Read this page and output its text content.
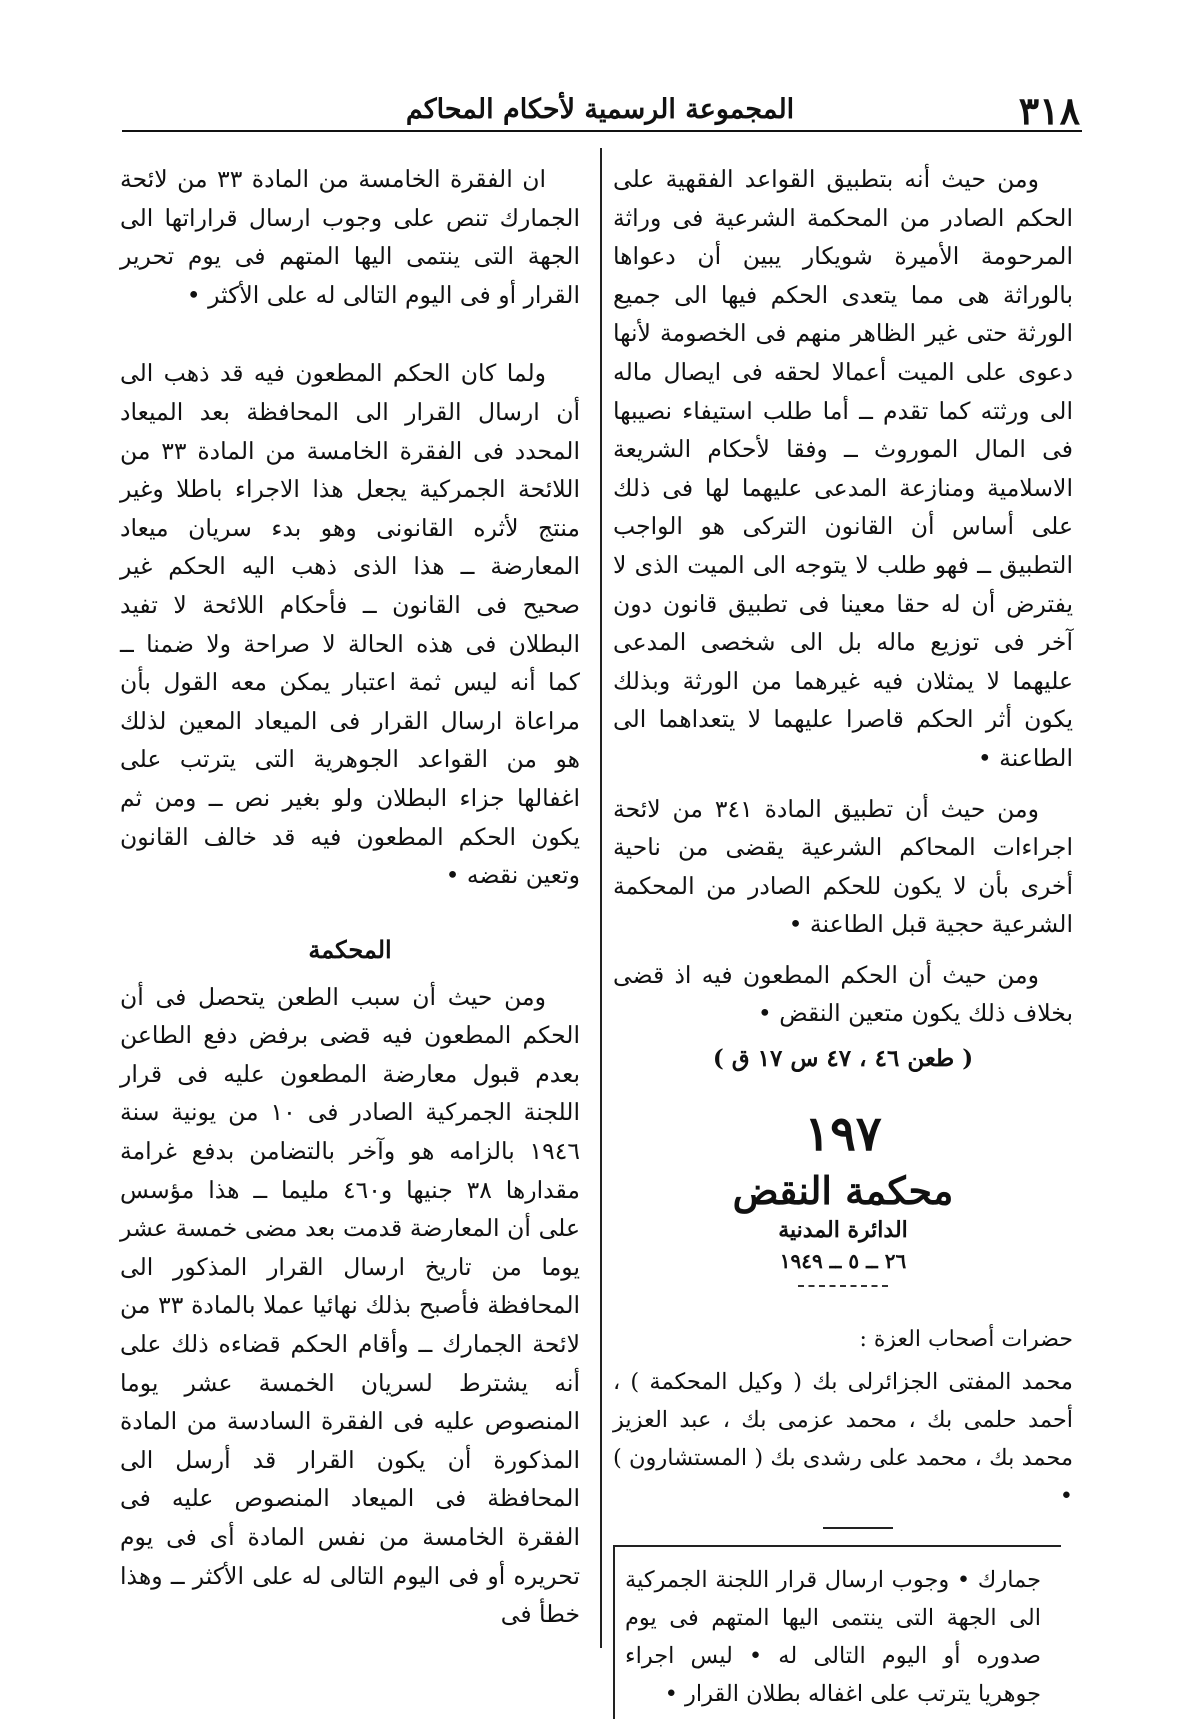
٣١٨
المجموعة الرسمية لأحكام المحاكم

ومن حيث أنه بتطبيق القواعد الفقهية على الحكم الصادر من المحكمة الشرعية فى وراثة المرحومة الأميرة شويكار يبين أن دعواها بالوراثة هى مما يتعدى الحكم فيها الى جميع الورثة حتى غير الظاهر منهم فى الخصومة لأنها دعوى على الميت أعمالا لحقه فى ايصال ماله الى ورثته كما تقدم ــ أما طلب استيفاء نصيبها فى المال الموروث ــ وفقا لأحكام الشريعة الاسلامية ومنازعة المدعى عليهما لها فى ذلك على أساس أن القانون التركى هو الواجب التطبيق ــ فهو طلب لا يتوجه الى الميت الذى لا يفترض أن له حقا معينا فى تطبيق قانون دون آخر فى توزيع ماله بل الى شخصى المدعى عليهما لا يمثلان فيه غيرهما من الورثة وبذلك يكون أثر الحكم قاصرا عليهما لا يتعداهما الى الطاعنة •

ومن حيث أن تطبيق المادة ٣٤١ من لائحة اجراءات المحاكم الشرعية يقضى من ناحية أخرى بأن لا يكون للحكم الصادر من المحكمة الشرعية حجية قبل الطاعنة •

ومن حيث أن الحكم المطعون فيه اذ قضى بخلاف ذلك يكون متعين النقض •

( طعن ٤٦ ، ٤٧ س ١٧ ق )
١٩٧
محكمة النقض
الدائرة المدنية
٢٦ ــ ٥ ــ ١٩٤٩

حضرات أصحاب العزة :

محمد المفتى الجزائرلى بك ( وكيل المحكمة ) ، أحمد حلمى بك ، محمد عزمى بك ، عبد العزيز محمد بك ، محمد على رشدى بك ( المستشارون ) •

جمارك • وجوب ارسال قرار اللجنة الجمركية الى الجهة التى ينتمى اليها المتهم فى يوم صدوره أو اليوم التالى له • ليس اجراء جوهريا يترتب على اغفاله بطلان القرار •

ان الفقرة الخامسة من المادة ٣٣ من لائحة الجمارك تنص على وجوب ارسال قراراتها الى الجهة التى ينتمى اليها المتهم فى يوم تحرير القرار أو فى اليوم التالى له على الأكثر •

ولما كان الحكم المطعون فيه قد ذهب الى أن ارسال القرار الى المحافظة بعد الميعاد المحدد فى الفقرة الخامسة من المادة ٣٣ من اللائحة الجمركية يجعل هذا الاجراء باطلا وغير منتج لأثره القانونى وهو بدء سريان ميعاد المعارضة ــ هذا الذى ذهب اليه الحكم غير صحيح فى القانون ــ فأحكام اللائحة لا تفيد البطلان فى هذه الحالة لا صراحة ولا ضمنا ــ كما أنه ليس ثمة اعتبار يمكن معه القول بأن مراعاة ارسال القرار فى الميعاد المعين لذلك هو من القواعد الجوهرية التى يترتب على اغفالها جزاء البطلان ولو بغير نص ــ ومن ثم يكون الحكم المطعون فيه قد خالف القانون وتعين نقضه •

المحكمة

ومن حيث أن سبب الطعن يتحصل فى أن الحكم المطعون فيه قضى برفض دفع الطاعن بعدم قبول معارضة المطعون عليه فى قرار اللجنة الجمركية الصادر فى ١٠ من يونية سنة ١٩٤٦ بالزامه هو وآخر بالتضامن بدفع غرامة مقدارها ٣٨ جنيها و٤٦٠ مليما ــ هذا مؤسس على أن المعارضة قدمت بعد مضى خمسة عشر يوما من تاريخ ارسال القرار المذكور الى المحافظة فأصبح بذلك نهائيا عملا بالمادة ٣٣ من لائحة الجمارك ــ وأقام الحكم قضاءه ذلك على أنه يشترط لسريان الخمسة عشر يوما المنصوص عليه فى الفقرة السادسة من المادة المذكورة أن يكون القرار قد أرسل الى المحافظة فى الميعاد المنصوص عليه فى الفقرة الخامسة من نفس المادة أى فى يوم تحريره أو فى اليوم التالى له على الأكثر ــ وهذا خطأ فى
